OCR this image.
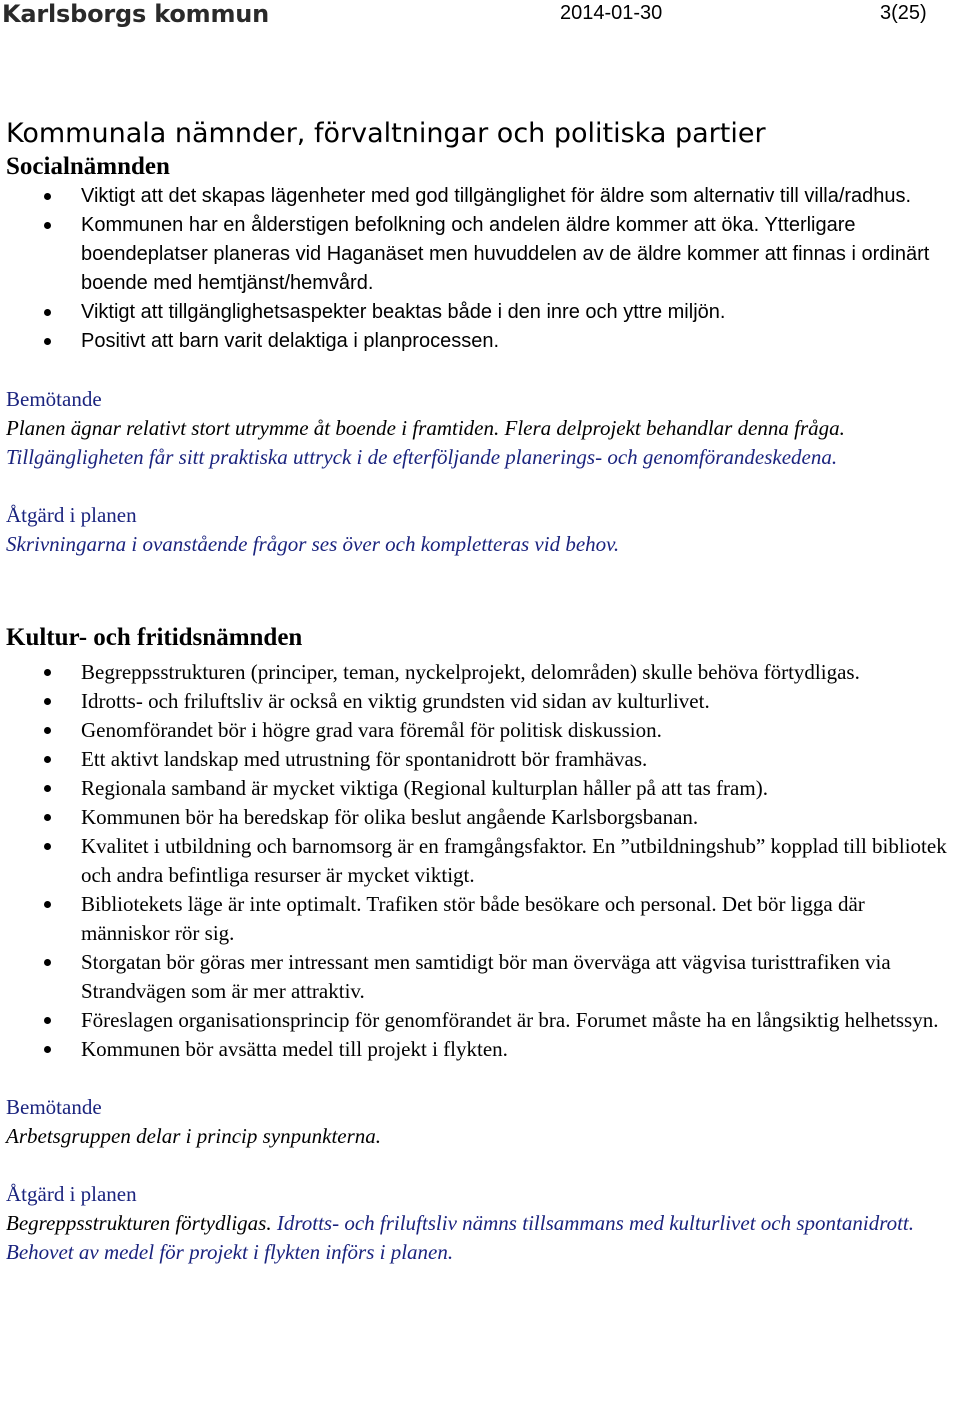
Karlsborgs kommun	2014-01-30	3(25)
Kommunala nämnder, förvaltningar och politiska partier
Socialnämnden
Viktigt att det skapas lägenheter med god tillgänglighet för äldre som alternativ till villa/radhus.
Kommunen har en ålderstigen befolkning och andelen äldre kommer att öka. Ytterligare boendeplatser planeras vid Haganäset men huvuddelen av de äldre kommer att finnas i ordinärt boende med hemtjänst/hemvård.
Viktigt att tillgänglighetsaspekter beaktas både i den inre och yttre miljön.
Positivt att barn varit delaktiga i planprocessen.

Bemötande

Planen ägnar relativt stort utrymme åt boende i framtiden. Flera delprojekt behandlar denna fråga. Tillgängligheten får sitt praktiska uttryck i de efterföljande planerings- och genomförandeskedena.

Åtgärd i planen

Skrivningarna i ovanstående frågor ses över och kompletteras vid behov.

Kultur- och fritidsnämnden
Begreppsstrukturen (principer, teman, nyckelprojekt, delområden) skulle behöva förtydligas.
Idrotts- och friluftsliv är också en viktig grundsten vid sidan av kulturlivet.
Genomförandet bör i högre grad vara föremål för politisk diskussion.
Ett aktivt landskap med utrustning för spontanidrott bör framhävas.
Regionala samband är mycket viktiga (Regional kulturplan håller på att tas fram).
Kommunen bör ha beredskap för olika beslut angående Karlsborgsbanan.
Kvalitet i utbildning och barnomsorg är en framgångsfaktor. En ”utbildningshub” kopplad till bibliotek och andra befintliga resurser är mycket viktigt.
Bibliotekets läge är inte optimalt. Trafiken stör både besökare och personal. Det bör ligga där människor rör sig.
Storgatan bör göras mer intressant men samtidigt bör man överväga att vägvisa turisttrafiken via Strandvägen som är mer attraktiv.
Föreslagen organisationsprincip för genomförandet är bra. Forumet måste ha en långsiktig helhetssyn.
Kommunen bör avsätta medel till projekt i flykten.

Bemötande

Arbetsgruppen delar i princip synpunkterna.

Åtgärd i planen

Begreppsstrukturen förtydligas. Idrotts- och friluftsliv nämns tillsammans med kulturlivet och spontanidrott. Behovet av medel för projekt i flykten införs i planen.
